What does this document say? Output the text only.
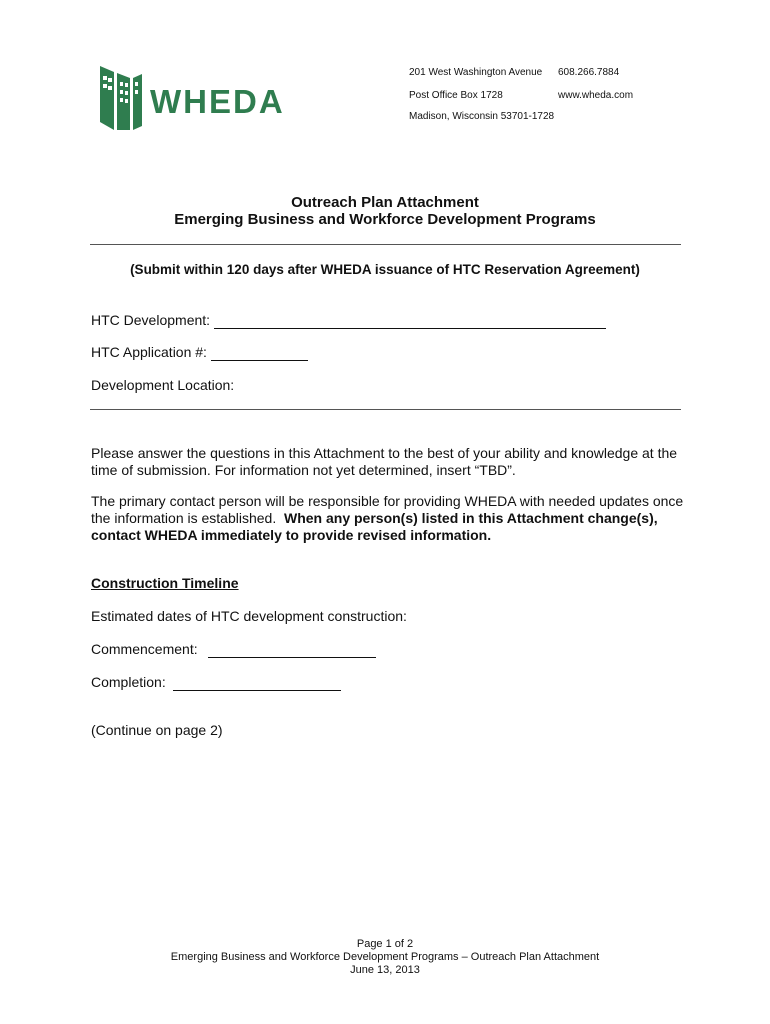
WHEDA
201 West Washington Avenue 608.266.7884
Post Office Box 1728	www.wheda.com
Madison, Wisconsin 53701-1728
Outreach Plan Attachment
Emerging Business and Workforce Development Programs
(Submit within 120 days after WHEDA issuance of HTC Reservation Agreement)
HTC Development:
HTC Application #:
Development Location:
Please answer the questions in this Attachment to the best of your ability and knowledge at the time of submission. For information not yet determined, insert “TBD”.
The primary contact person will be responsible for providing WHEDA with needed updates once the information is established. When any person(s) listed in this Attachment change(s), contact WHEDA immediately to provide revised information.
Construction Timeline
Estimated dates of HTC development construction:
Commencement:
Completion:
(Continue on page 2)
Page 1 of 2
Emerging Business and Workforce Development Programs – Outreach Plan Attachment
June 13, 2013
